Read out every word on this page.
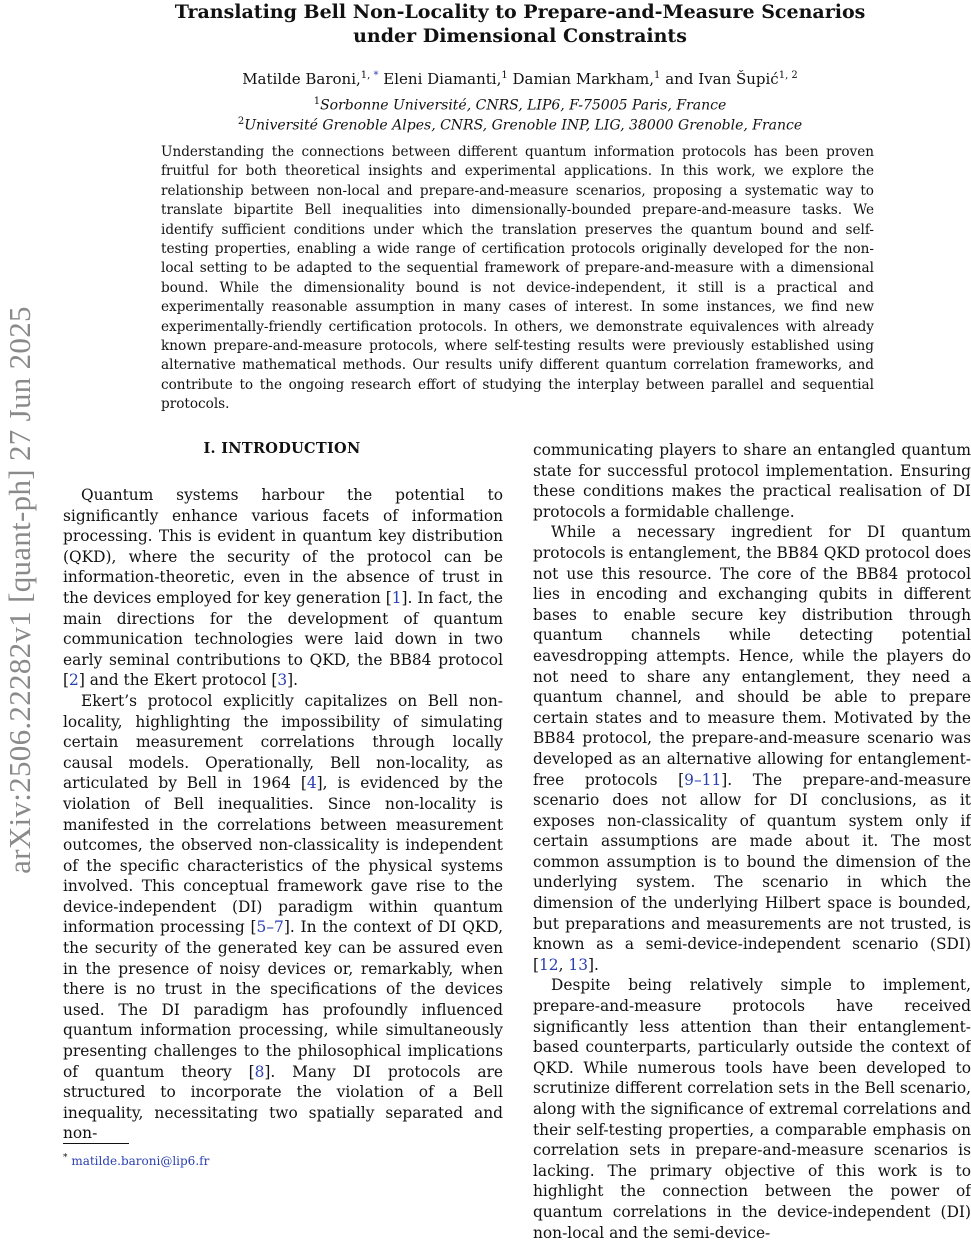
arXiv:2506.22282v1 [quant-ph] 27 Jun 2025
Translating Bell Non-Locality to Prepare-and-Measure Scenarios
under Dimensional Constraints

Matilde Baroni,$^{1,}$ * Eleni Diamanti,$^1$ Damian Markham,$^1$ and Ivan Šupić$^{1, 2}$

$^1$Sorbonne Université, CNRS, LIP6, F-75005 Paris, France

$^2$Université Grenoble Alpes, CNRS, Grenoble INP, LIG, 38000 Grenoble, France

Understanding the connections between different quantum information protocols has been proven fruitful for both theoretical insights and experimental applications. In this work, we explore the relationship between non-local and prepare-and-measure scenarios, proposing a systematic way to translate bipartite Bell inequalities into dimensionally-bounded prepare-and-measure tasks. We identify sufficient conditions under which the translation preserves the quantum bound and self-testing properties, enabling a wide range of certification protocols originally developed for the non-local setting to be adapted to the sequential framework of prepare-and-measure with a dimensional bound. While the dimensionality bound is not device-independent, it still is a practical and experimentally reasonable assumption in many cases of interest. In some instances, we find new experimentally-friendly certification protocols. In others, we demonstrate equivalences with already known prepare-and-measure protocols, where self-testing results were previously established using alternative mathematical methods. Our results unify different quantum correlation frameworks, and contribute to the ongoing research effort of studying the interplay between parallel and sequential protocols.

I. INTRODUCTION

Quantum systems harbour the potential to significantly enhance various facets of information processing. This is evident in quantum key distribution (QKD), where the security of the protocol can be information-theoretic, even in the absence of trust in the devices employed for key generation [1]. In fact, the main directions for the development of quantum communication technologies were laid down in two early seminal contributions to QKD, the BB84 protocol [2] and the Ekert protocol [3].

Ekert’s protocol explicitly capitalizes on Bell non-locality, highlighting the impossibility of simulating certain measurement correlations through locally causal models. Operationally, Bell non-locality, as articulated by Bell in 1964 [4], is evidenced by the violation of Bell inequalities. Since non-locality is manifested in the correlations between measurement outcomes, the observed non-classicality is independent of the specific characteristics of the physical systems involved. This conceptual framework gave rise to the device-independent (DI) paradigm within quantum information processing [5–7]. In the context of DI QKD, the security of the generated key can be assured even in the presence of noisy devices or, remarkably, when there is no trust in the specifications of the devices used. The DI paradigm has profoundly influenced quantum information processing, while simultaneously presenting challenges to the philosophical implications of quantum theory [8]. Many DI protocols are structured to incorporate the violation of a Bell inequality, necessitating two spatially separated and non-

communicating players to share an entangled quantum state for successful protocol implementation. Ensuring these conditions makes the practical realisation of DI protocols a formidable challenge.

While a necessary ingredient for DI quantum protocols is entanglement, the BB84 QKD protocol does not use this resource. The core of the BB84 protocol lies in encoding and exchanging qubits in different bases to enable secure key distribution through quantum channels while detecting potential eavesdropping attempts. Hence, while the players do not need to share any entanglement, they need a quantum channel, and should be able to prepare certain states and to measure them. Motivated by the BB84 protocol, the prepare-and-measure scenario was developed as an alternative allowing for entanglement-free protocols [9–11]. The prepare-and-measure scenario does not allow for DI conclusions, as it exposes non-classicality of quantum system only if certain assumptions are made about it. The most common assumption is to bound the dimension of the underlying system. The scenario in which the dimension of the underlying Hilbert space is bounded, but preparations and measurements are not trusted, is known as a semi-device-independent scenario (SDI) [12, 13].

Despite being relatively simple to implement, prepare-and-measure protocols have received significantly less attention than their entanglement-based counterparts, particularly outside the context of QKD. While numerous tools have been developed to scrutinize different correlation sets in the Bell scenario, along with the significance of extremal correlations and their self-testing properties, a comparable emphasis on correlation sets in prepare-and-measure scenarios is lacking. The primary objective of this work is to highlight the connection between the power of quantum correlations in the device-independent (DI) non-local and the semi-device-

* matilde.baroni@lip6.fr
